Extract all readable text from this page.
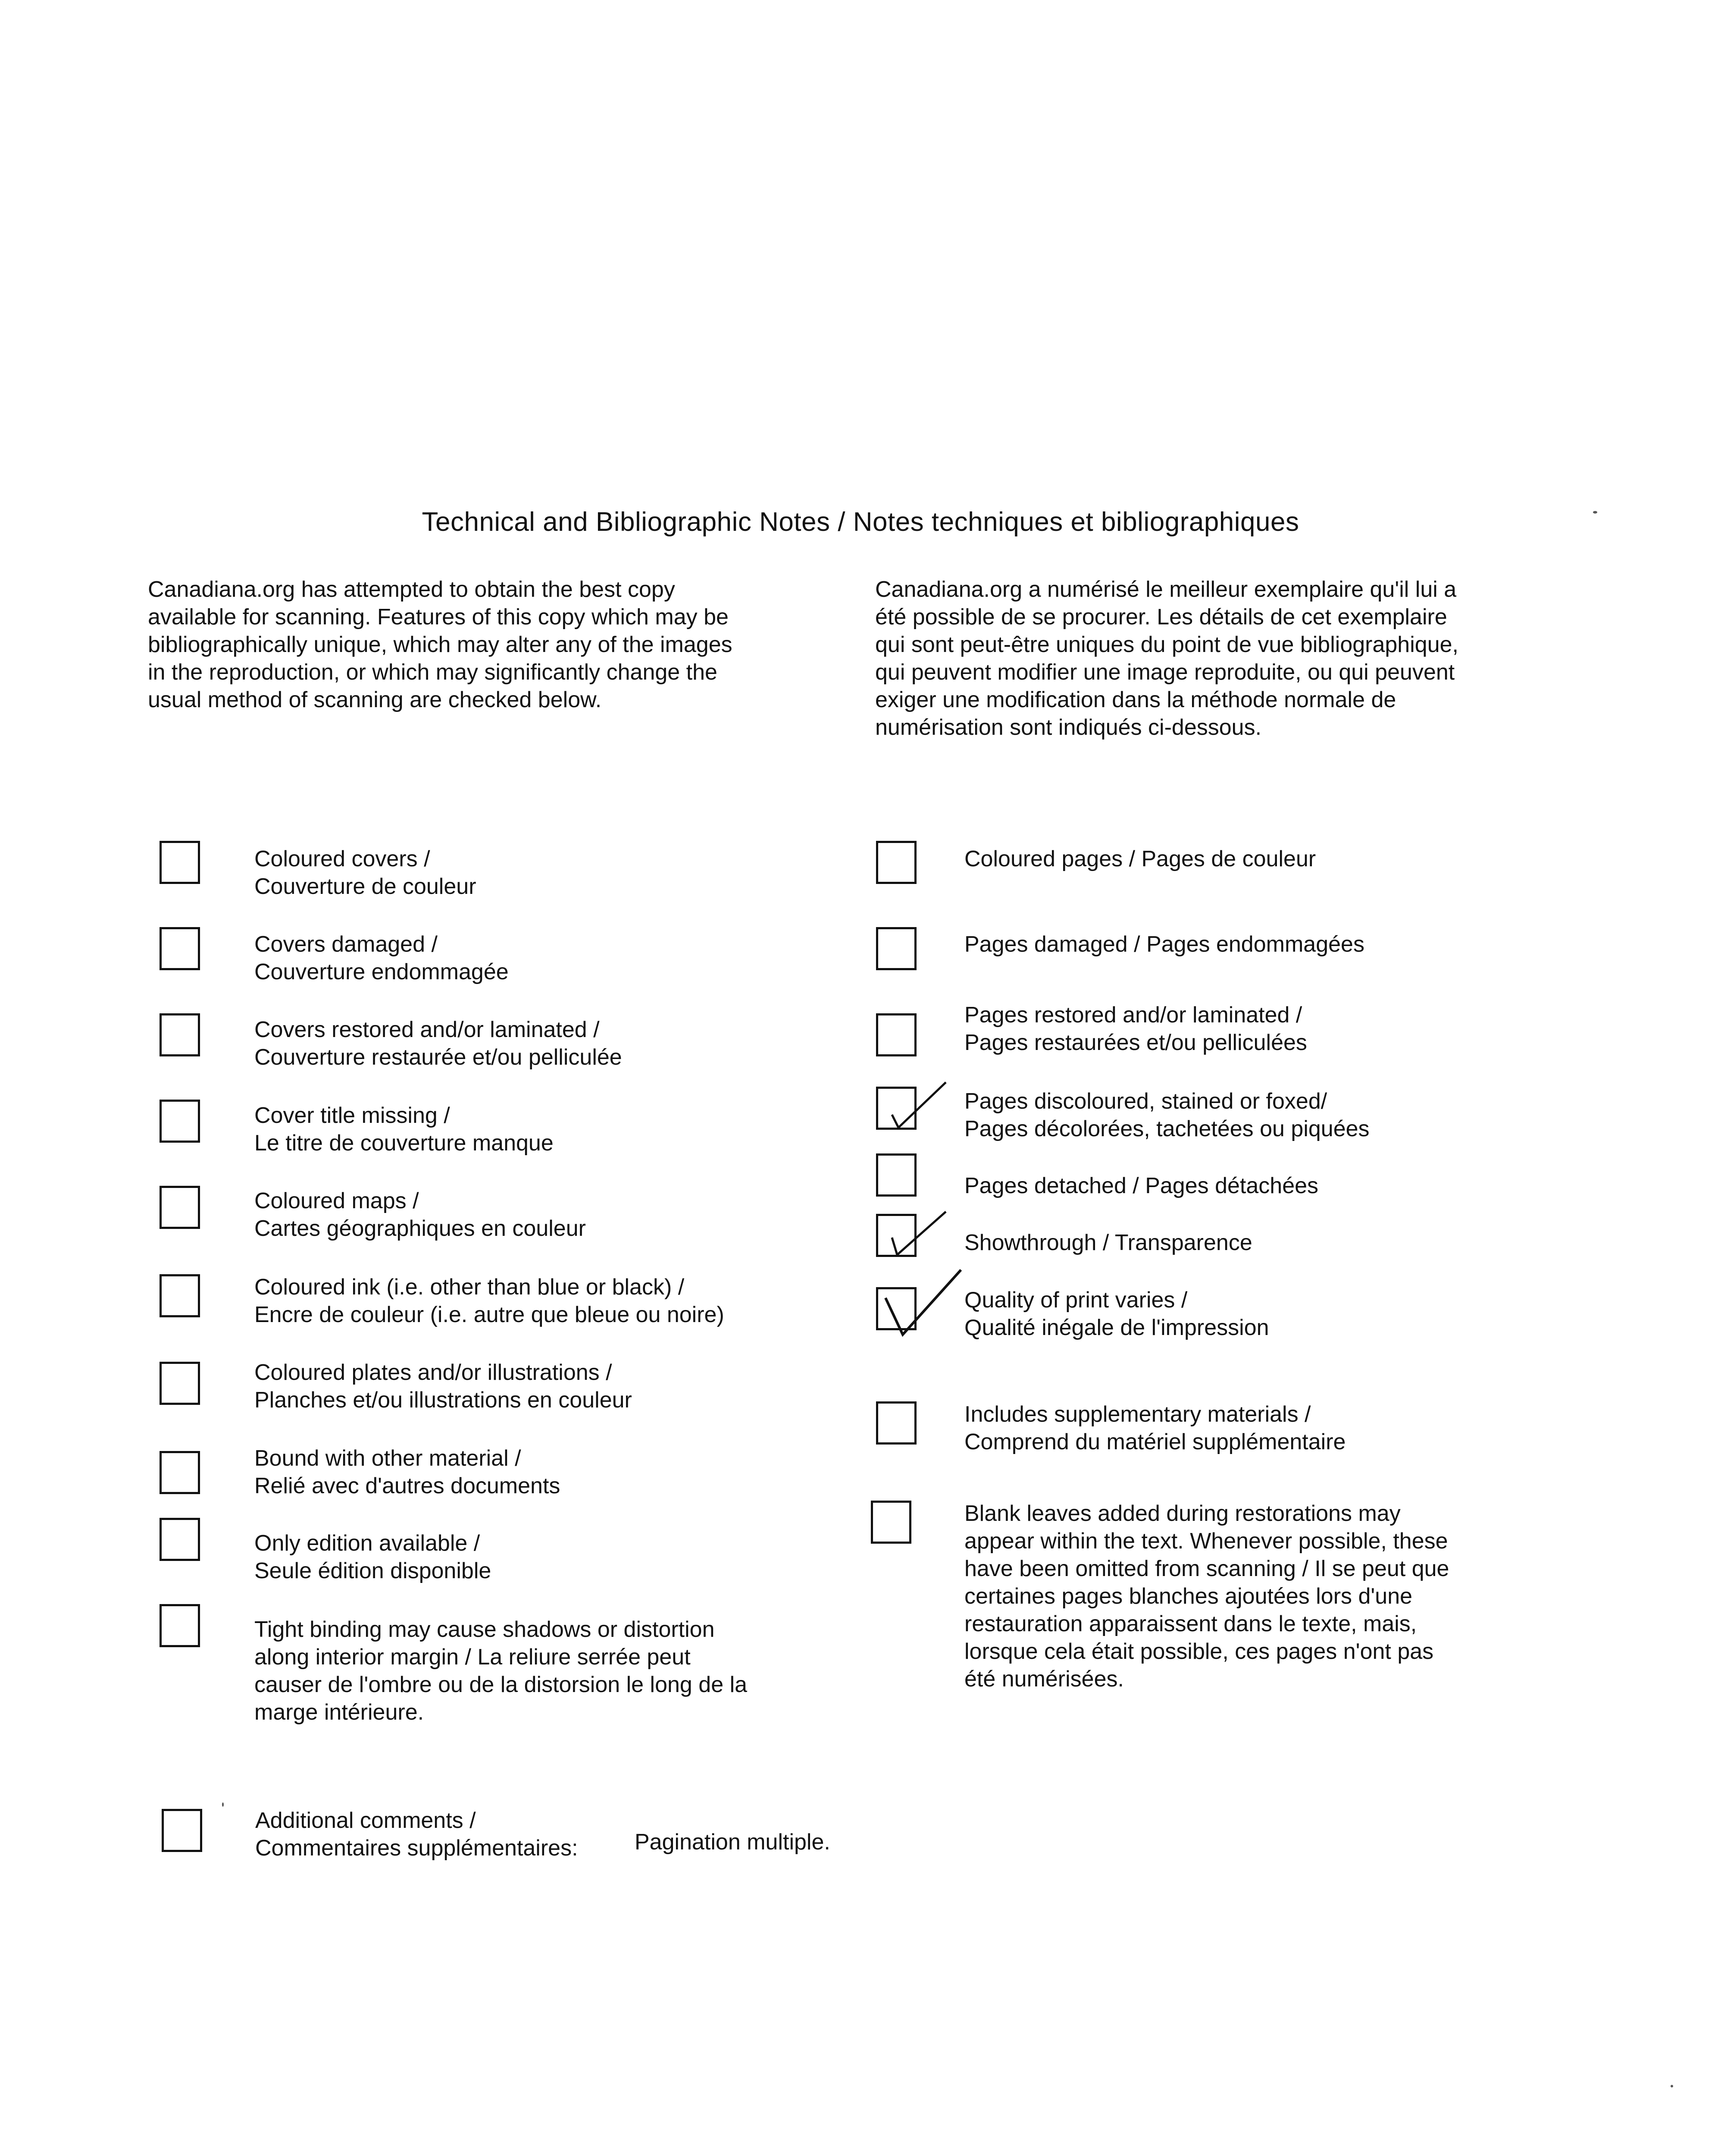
Technical and Bibliographic Notes / Notes techniques et bibliographiques
Canadiana.org has attempted to obtain the best copy
available for scanning. Features of this copy which may be
bibliographically unique, which may alter any of the images
in the reproduction, or which may significantly change the
usual method of scanning are checked below.
Canadiana.org a numérisé le meilleur exemplaire qu'il lui a
été possible de se procurer. Les détails de cet exemplaire
qui sont peut-être uniques du point de vue bibliographique,
qui peuvent modifier une image reproduite, ou qui peuvent
exiger une modification dans la méthode normale de
numérisation sont indiqués ci-dessous.
Coloured covers /
Couverture de couleur
Covers damaged /
Couverture endommagée
Covers restored and/or laminated /
Couverture restaurée et/ou pelliculée
Cover title missing /
Le titre de couverture manque
Coloured maps /
Cartes géographiques en couleur
Coloured ink (i.e. other than blue or black) /
Encre de couleur (i.e. autre que bleue ou noire)
Coloured plates and/or illustrations /
Planches et/ou illustrations en couleur
Bound with other material /
Relié avec d'autres documents
Only edition available /
Seule édition disponible
Tight binding may cause shadows or distortion
along interior margin / La reliure serrée peut
causer de l'ombre ou de la distorsion le long de la
marge intérieure.
Coloured pages / Pages de couleur
Pages damaged / Pages endommagées
Pages restored and/or laminated /
Pages restaurées et/ou pelliculées
Pages discoloured, stained or foxed/
Pages décolorées, tachetées ou piquées
Pages detached / Pages détachées
Showthrough / Transparence
Quality of print varies /
Qualité inégale de l'impression
Includes supplementary materials /
Comprend du matériel supplémentaire
Blank leaves added during restorations may
appear within the text. Whenever possible, these
have been omitted from scanning / Il se peut que
certaines pages blanches ajoutées lors d'une
restauration apparaissent dans le texte, mais,
lorsque cela était possible, ces pages n'ont pas
été numérisées.
Additional comments /
Commentaires supplémentaires:	Pagination multiple.
